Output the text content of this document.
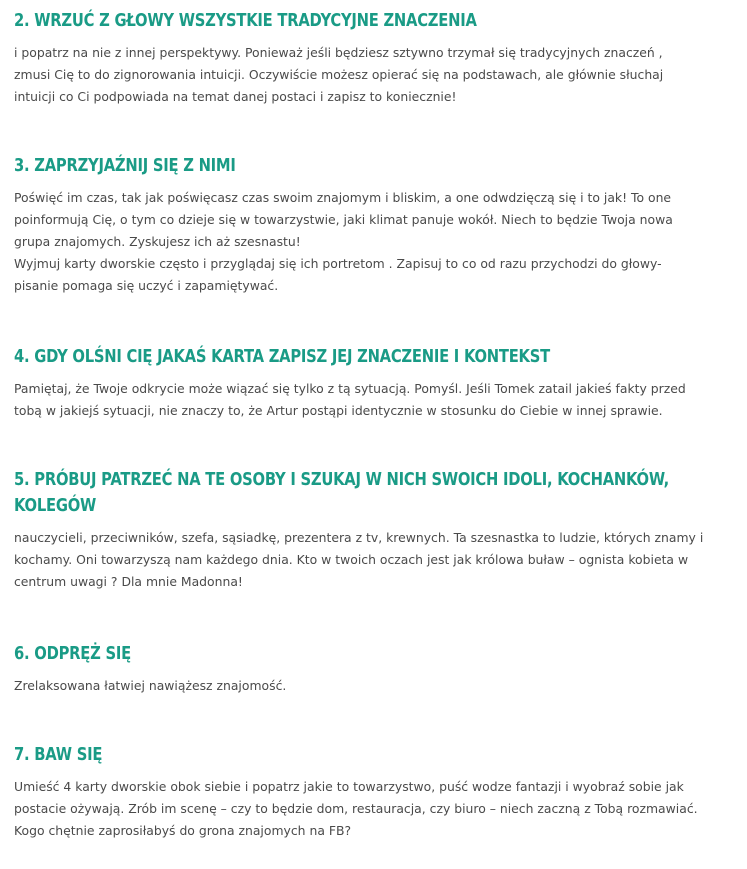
2. WRZUĆ Z GŁOWY WSZYSTKIE TRADYCYJNE ZNACZENIA
i popatrz na nie z innej perspektywy. Ponieważ jeśli będziesz sztywno trzymał się tradycyjnych znaczeń ,
zmusi Cię to do zignorowania intuicji. Oczywiście możesz opierać się na podstawach, ale głównie słuchaj
intuicji co Ci podpowiada na temat danej postaci i zapisz to koniecznie!
3. ZAPRZYJAŹNIJ SIĘ Z NIMI
Poświęć im czas, tak jak poświęcasz czas swoim znajomym i bliskim, a one odwdzięczą się i to jak! To one
poinformują Cię, o tym co dzieje się w towarzystwie, jaki klimat panuje wokół. Niech to będzie Twoja nowa
grupa znajomych. Zyskujesz ich aż szesnastu!
Wyjmuj karty dworskie często i przyglądaj się ich portretom . Zapisuj to co od razu przychodzi do głowy-
pisanie pomaga się uczyć i zapamiętywać.
4. GDY OLŚNI CIĘ JAKAŚ KARTA ZAPISZ JEJ ZNACZENIE I KONTEKST
Pamiętaj, że Twoje odkrycie może wiązać się tylko z tą sytuacją. Pomyśl. Jeśli Tomek zatail jakieś fakty przed
tobą w jakiejś sytuacji, nie znaczy to, że Artur postąpi identycznie w stosunku do Ciebie w innej sprawie.
5. PRÓBUJ PATRZEĆ NA TE OSOBY I SZUKAJ W NICH SWOICH IDOLI, KOCHANKÓW,
KOLEGÓW
nauczycieli, przeciwników, szefa, sąsiadkę, prezentera z tv, krewnych. Ta szesnastka to ludzie, których znamy i
kochamy. Oni towarzyszą nam każdego dnia. Kto w twoich oczach jest jak królowa buław – ognista kobieta w
centrum uwagi ? Dla mnie Madonna!
6. ODPRĘŻ SIĘ
Zrelaksowana łatwiej nawiążesz znajomość.
7. BAW SIĘ
Umieść 4 karty dworskie obok siebie i popatrz jakie to towarzystwo, puść wodze fantazji i wyobraź sobie jak
postacie ożywają. Zrób im scenę – czy to będzie dom, restauracja, czy biuro – niech zaczną z Tobą rozmawiać.
Kogo chętnie zaprosiłabyś do grona znajomych na FB?
